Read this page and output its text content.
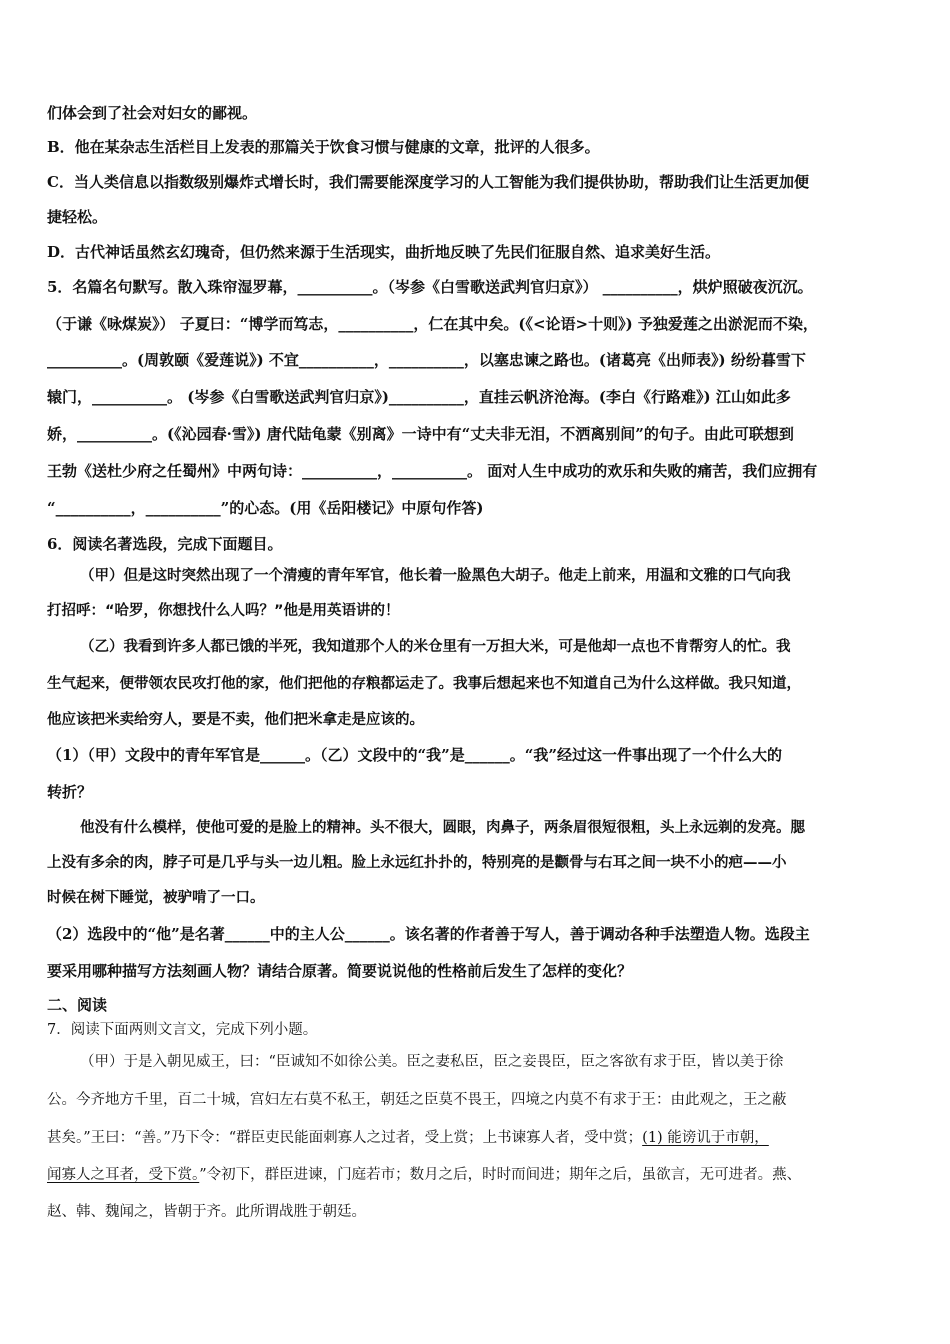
们体会到了社会对妇女的鄙视。
B．他在某杂志生活栏目上发表的那篇关于饮食习惯与健康的文章，批评的人很多。
C．当人类信息以指数级别爆炸式增长时，我们需要能深度学习的人工智能为我们提供协助，帮助我们让生活更加便
捷轻松。
D．古代神话虽然玄幻瑰奇，但仍然来源于生活现实，曲折地反映了先民们征服自然、追求美好生活。
5．名篇名句默写。散入珠帘湿罗幕，__________。（岑参《白雪歌送武判官归京》） __________，烘炉照破夜沉沉。
（于谦《咏煤炭》） 子夏曰：“博学而笃志，__________，仁在其中矣。(《<论语>十则》) 予独爱莲之出淤泥而不染，
__________。(周敦颐《爱莲说》) 不宜__________，__________，以塞忠谏之路也。(诸葛亮《出师表》) 纷纷暮雪下
辕门，__________。 (岑参《白雪歌送武判官归京》)__________，直挂云帆济沧海。(李白《行路难》) 江山如此多
娇，__________。(《沁园春·雪》) 唐代陆龟蒙《别离》一诗中有“丈夫非无泪，不洒离别间”的句子。由此可联想到
王勃《送杜少府之任蜀州》中两句诗：__________，__________。 面对人生中成功的欢乐和失败的痛苦，我们应拥有
“__________，__________”的心态。(用《岳阳楼记》中原句作答)
6．阅读名著选段，完成下面题目。
（甲）但是这时突然出现了一个清瘦的青年军官，他长着一脸黑色大胡子。他走上前来，用温和文雅的口气向我
打招呼：“哈罗，你想找什么人吗？”他是用英语讲的！
（乙）我看到许多人都已饿的半死，我知道那个人的米仓里有一万担大米，可是他却一点也不肯帮穷人的忙。我
生气起来，便带领农民攻打他的家，他们把他的存粮都运走了。我事后想起来也不知道自己为什么这样做。我只知道，
他应该把米卖给穷人，要是不卖，他们把米拿走是应该的。
（1）（甲）文段中的青年军官是______。（乙）文段中的“我”是______。“我”经过这一件事出现了一个什么大的
转折？
他没有什么模样，使他可爱的是脸上的精神。头不很大，圆眼，肉鼻子，两条眉很短很粗，头上永远剃的发亮。腮
上没有多余的肉，脖子可是几乎与头一边儿粗。脸上永远红扑扑的，特别亮的是颧骨与右耳之间一块不小的疤——小
时候在树下睡觉，被驴啃了一口。
（2）选段中的“他”是名著______中的主人公______。该名著的作者善于写人，善于调动各种手法塑造人物。选段主
要采用哪种描写方法刻画人物？请结合原著。简要说说他的性格前后发生了怎样的变化？
二、阅读
7．阅读下面两则文言文，完成下列小题。
（甲）于是入朝见威王，曰：“臣诚知不如徐公美。臣之妻私臣，臣之妾畏臣，臣之客欲有求于臣，皆以美于徐
公。今齐地方千里，百二十城，宫妇左右莫不私王，朝廷之臣莫不畏王，四境之内莫不有求于王：由此观之，王之蔽
甚矣。”王曰：“善。”乃下令：“群臣吏民能面刺寡人之过者，受上赏；上书谏寡人者，受中赏；(1) 能谤讥于市朝，
闻寡人之耳者，受下赏。”令初下，群臣进谏，门庭若市；数月之后，时时而间进；期年之后，虽欲言，无可进者。燕、
赵、韩、魏闻之，皆朝于齐。此所谓战胜于朝廷。
